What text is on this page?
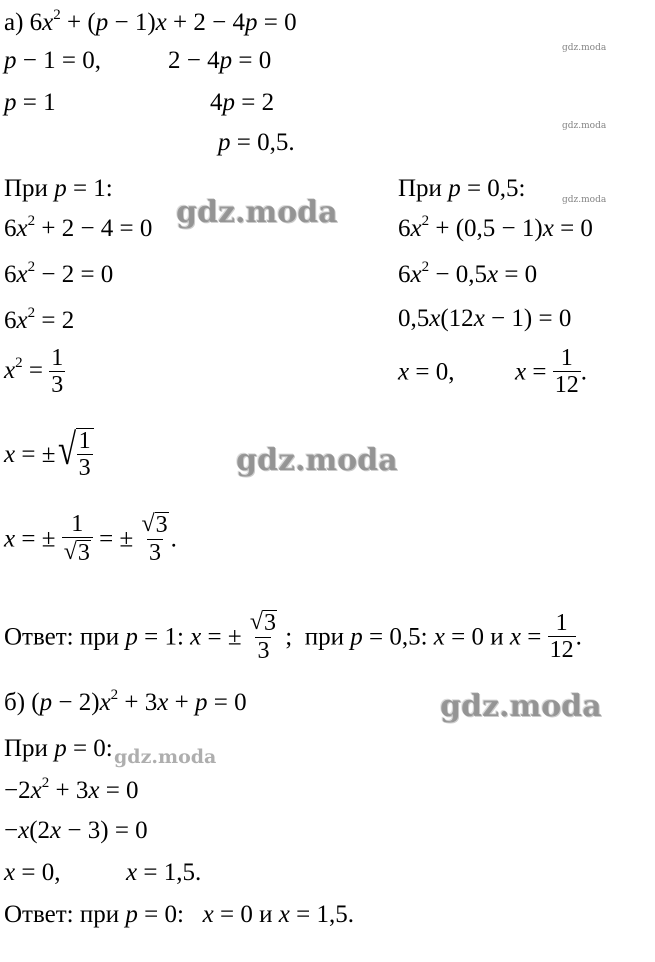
а) $6x^2 + (p - 1)x + 2 - 4p = 0$
p − 1 = 0,	2 − 4p = 0
p = 1	4p = 2
p = 0,5.
При p = 1:
$6x^2 + 2 - 4 = 0$
$6x^2 - 2 = 0$
$6x^2 = 2$
$x^2 = \frac{1}{3}$
x = ± √ $\frac{1}{3}$
x = ± $\frac{1}{√ 3}$ = ± $\frac{√ 3}{3}$ .
При p = 0,5:
$6x^2 + (0,5 - 1)x = 0$
$6x^2 - 0,5x = 0$
0,5x(12x − 1) = 0
x = 0, $x = \frac{1}{12}$ .
Ответ: при p = 1: x = ± $\frac{√ 3}{3}$ ;  при p = 0,5: x = 0 и $x = \frac{1}{12}$ .
б) $(p - 2)x^2 + 3x + p = 0$
При p = 0:
$-2x^2 + 3x = 0$
−x(2x − 3) = 0
x = 0,	x = 1,5.
Ответ: при p = 0:   x = 0 и x = 1,5.
gdz.moda
gdz.moda
gdz.moda
gdz.moda
gdz.moda
gdz.moda
gdz.moda
